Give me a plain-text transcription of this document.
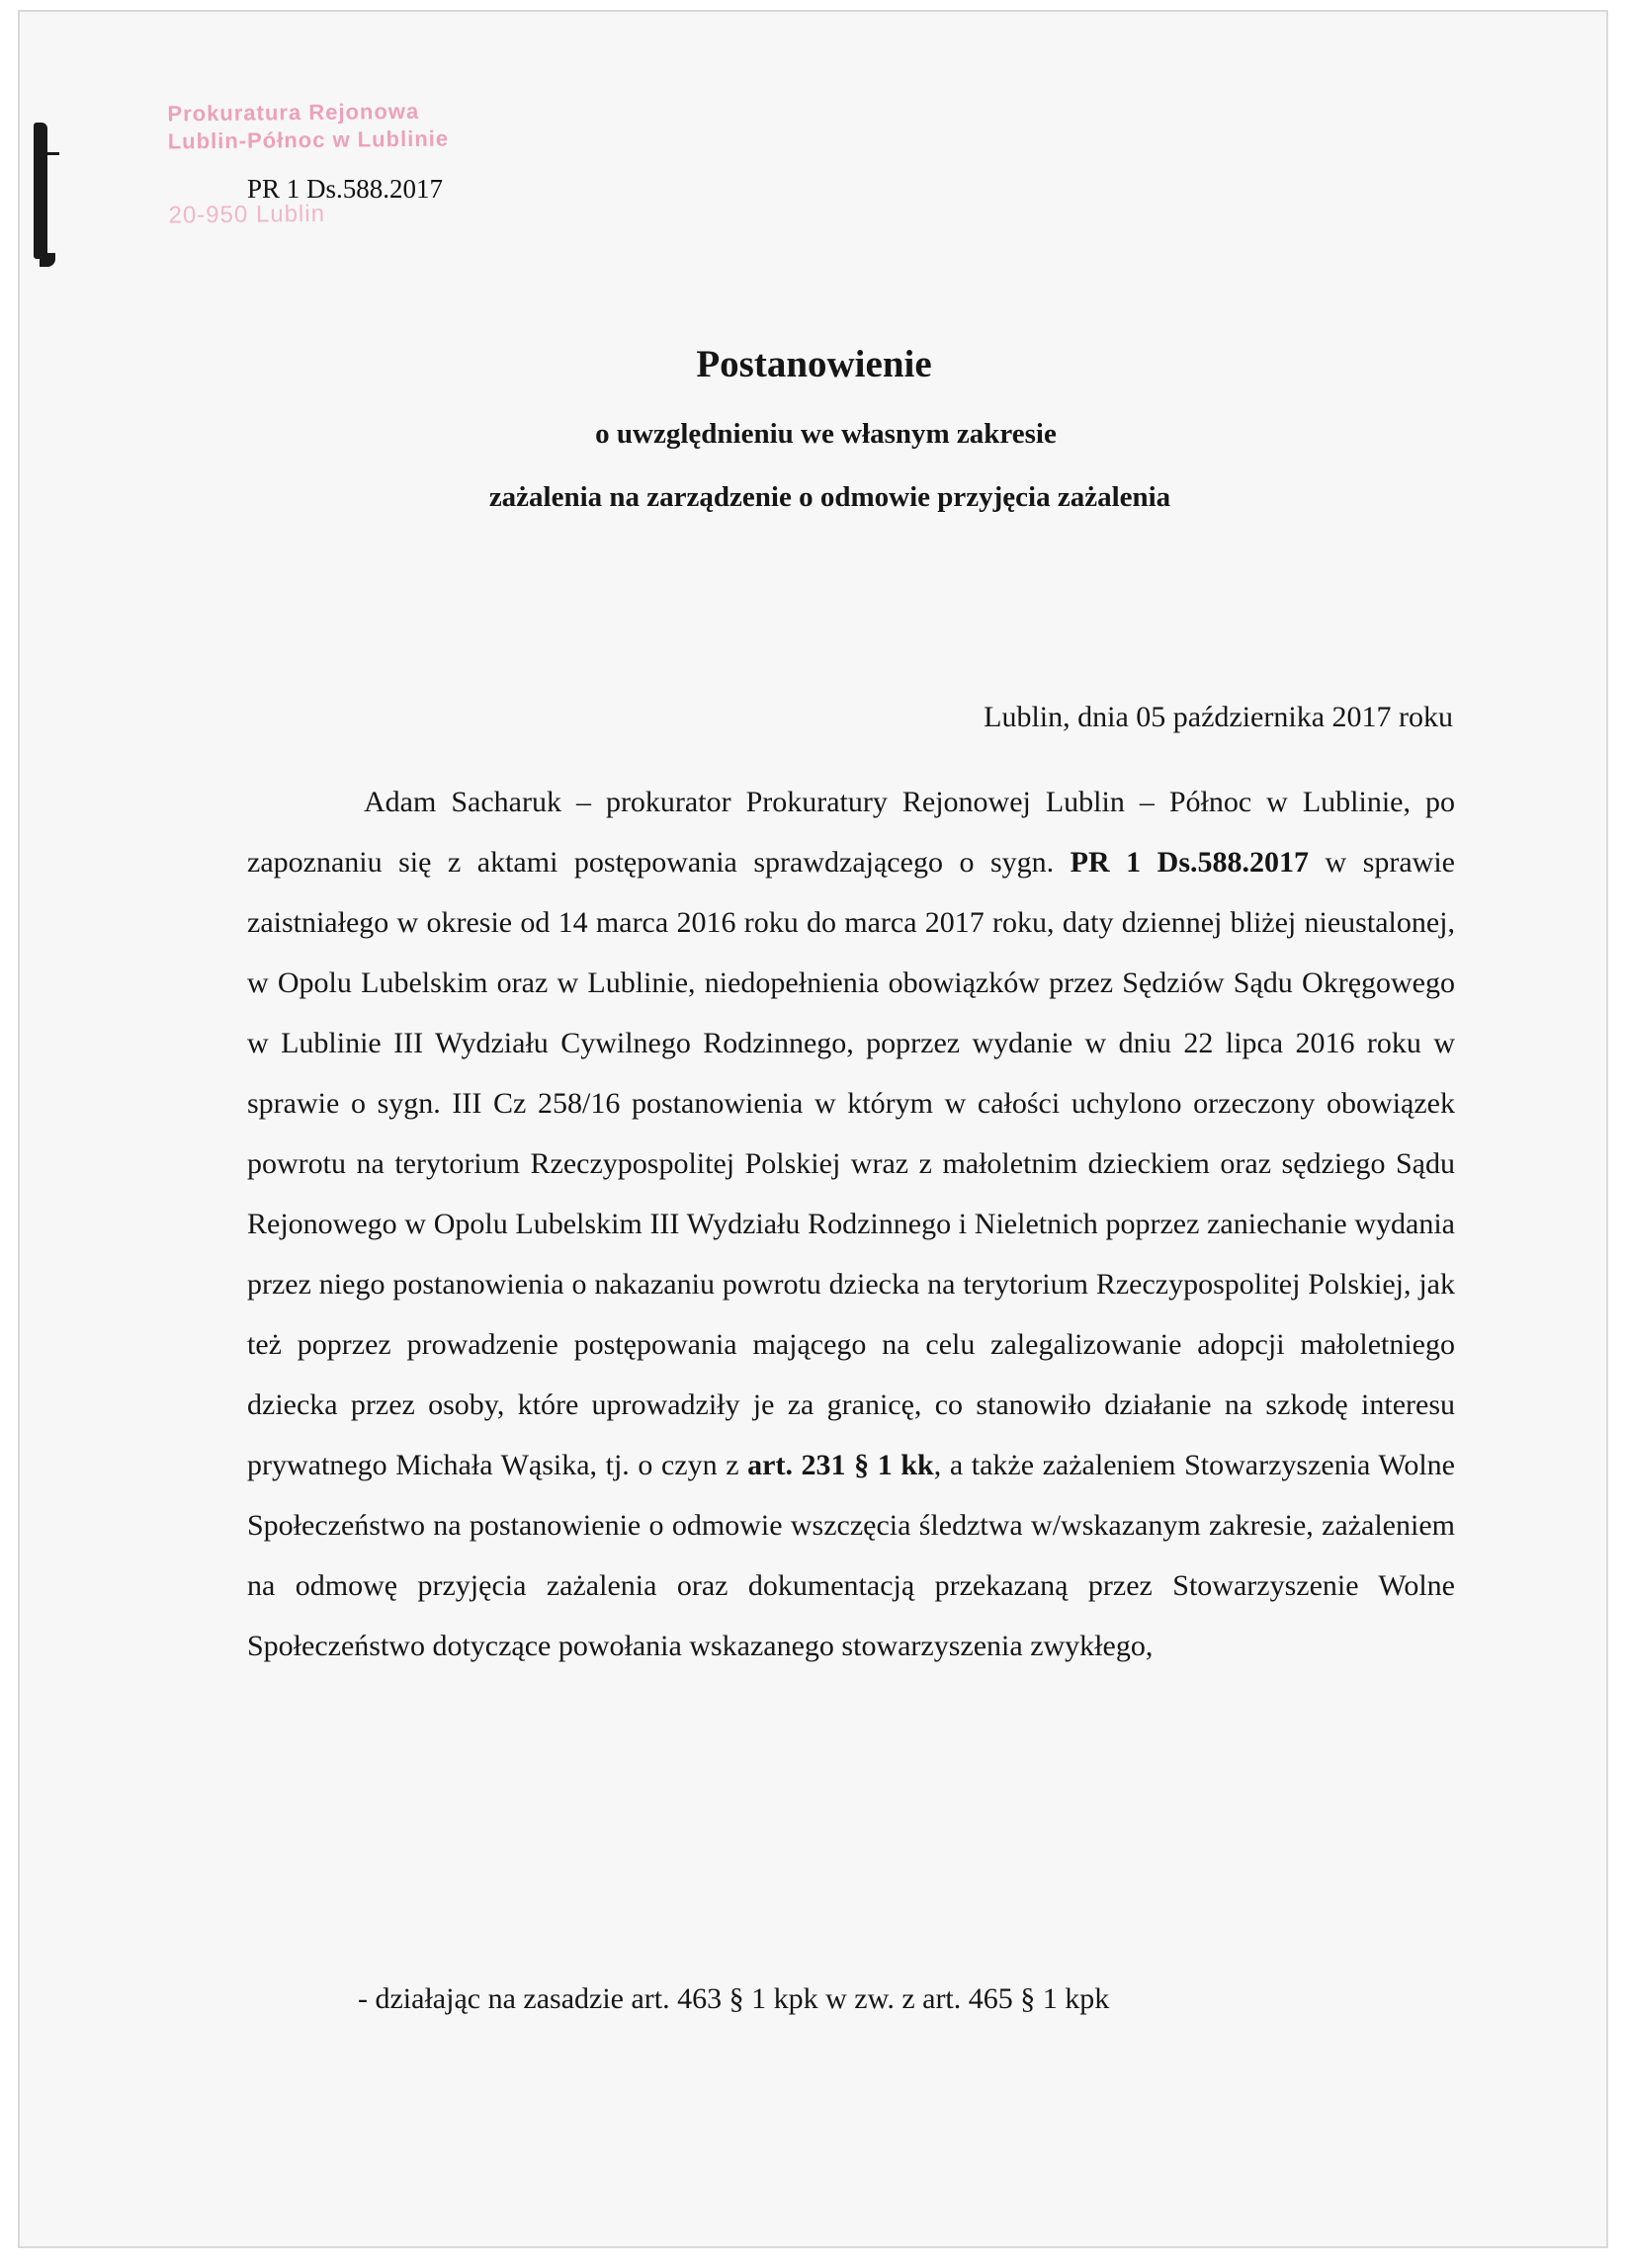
Prokuratura Rejonowa
Lublin-Północ w Lublinie
20-950 Lublin
PR 1 Ds.588.2017
Postanowienie
o uwzględnieniu we własnym zakresie
zażalenia na zarządzenie o odmowie przyjęcia zażalenia
Lublin, dnia 05 października 2017 roku

Adam Sacharuk – prokurator Prokuratury Rejonowej Lublin – Północ w Lublinie, po zapoznaniu się z aktami postępowania sprawdzającego o sygn. PR 1 Ds.588.2017 w sprawie zaistniałego w okresie od 14 marca 2016 roku do marca 2017 roku, daty dziennej bliżej nieustalonej, w Opolu Lubelskim oraz w Lublinie, niedopełnienia obowiązków przez Sędziów Sądu Okręgowego w Lublinie III Wydziału Cywilnego Rodzinnego, poprzez wydanie w dniu 22 lipca 2016 roku w sprawie o sygn. III Cz 258/16 postanowienia w którym w całości uchylono orzeczony obowiązek powrotu na terytorium Rzeczypospolitej Polskiej wraz z małoletnim dzieckiem oraz sędziego Sądu Rejonowego w Opolu Lubelskim III Wydziału Rodzinnego i Nieletnich poprzez zaniechanie wydania przez niego postanowienia o nakazaniu powrotu dziecka na terytorium Rzeczypospolitej Polskiej, jak też poprzez prowadzenie postępowania mającego na celu zalegalizowanie adopcji małoletniego dziecka przez osoby, które uprowadziły je za granicę, co stanowiło działanie na szkodę interesu prywatnego Michała Wąsika, tj. o czyn z art. 231 § 1 kk, a także zażaleniem Stowarzyszenia Wolne Społeczeństwo na postanowienie o odmowie wszczęcia śledztwa w/wskazanym zakresie, zażaleniem na odmowę przyjęcia zażalenia oraz dokumentacją przekazaną przez Stowarzyszenie Wolne Społeczeństwo dotyczące powołania wskazanego stowarzyszenia zwykłego,

- działając na zasadzie art. 463 § 1 kpk w zw. z art. 465 § 1 kpk
